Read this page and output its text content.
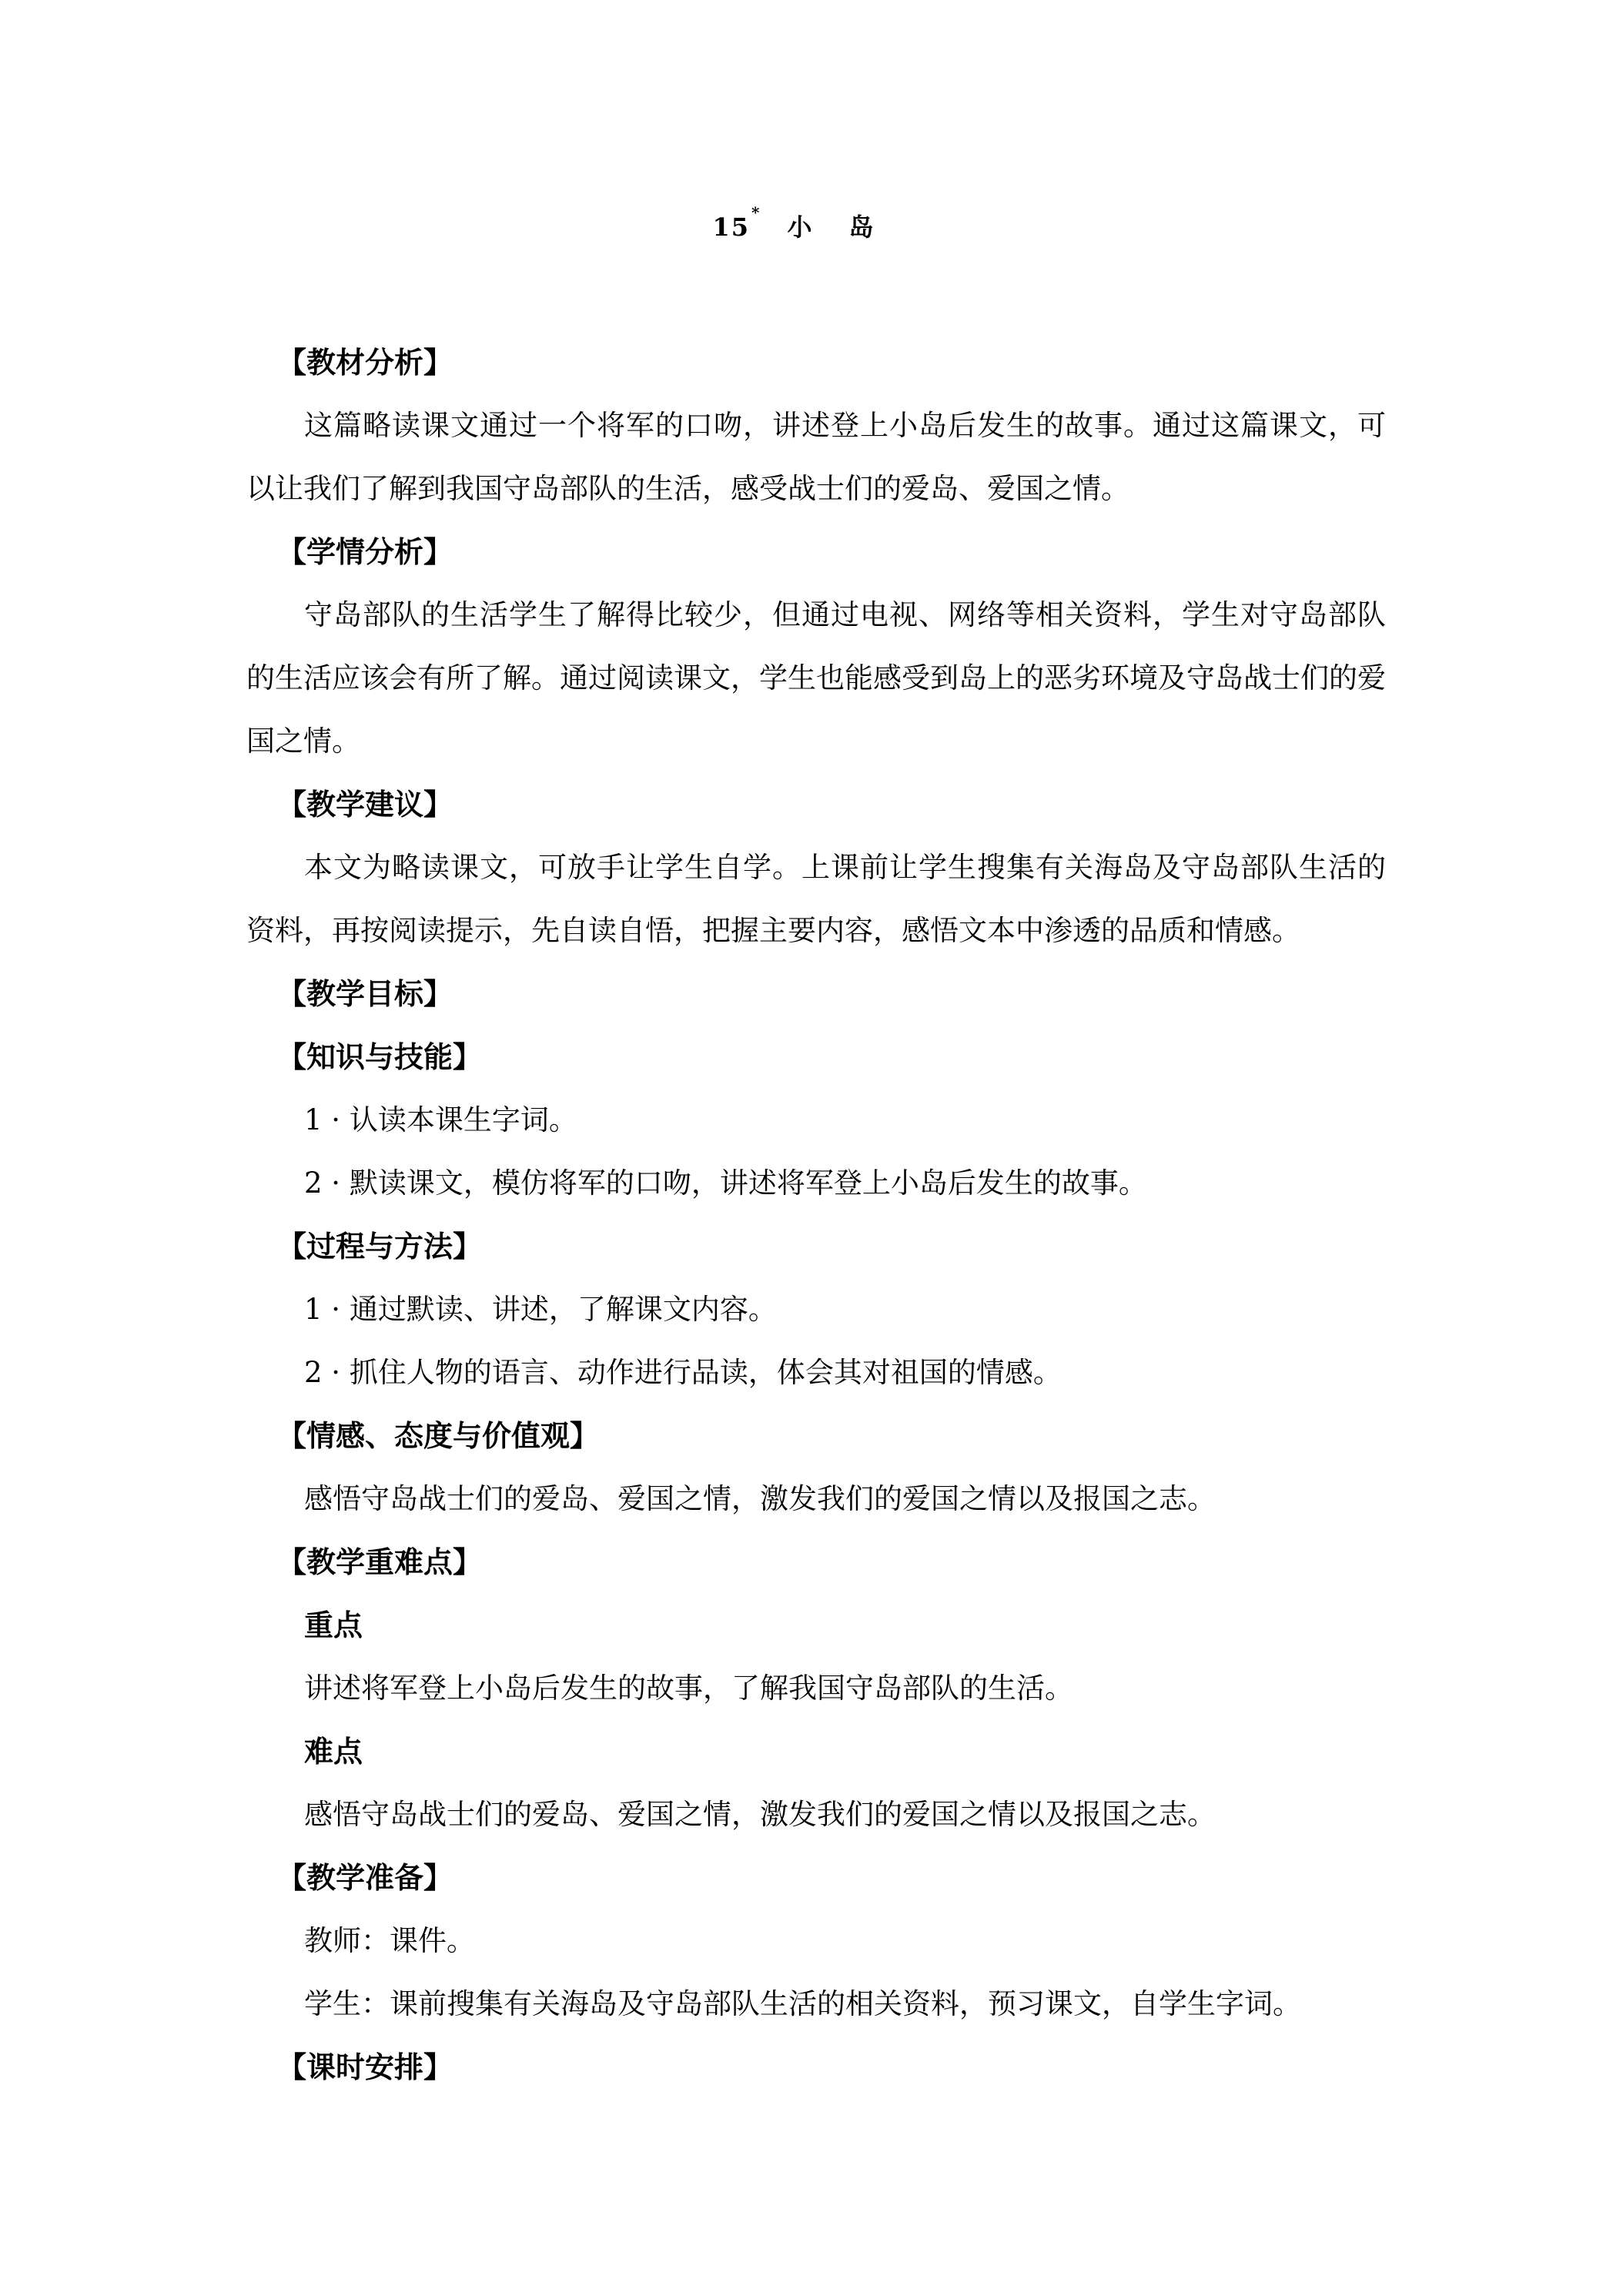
15 * 小岛
【教材分析】
这篇略读课文通过一个将军的口吻，讲述登上小岛后发生的故事。通过这篇课文，可以让我们了解到我国守岛部队的生活，感受战士们的爱岛、爱国之情。
【学情分析】
守岛部队的生活学生了解得比较少，但通过电视、网络等相关资料，学生对守岛部队的生活应该会有所了解。通过阅读课文，学生也能感受到岛上的恶劣环境及守岛战士们的爱国之情。
【教学建议】
本文为略读课文，可放手让学生自学。上课前让学生搜集有关海岛及守岛部队生活的资料，再按阅读提示，先自读自悟，把握主要内容，感悟文本中渗透的品质和情感。
【教学目标】
【知识与技能】
1 · 认读本课生字词。
2 · 默读课文，模仿将军的口吻，讲述将军登上小岛后发生的故事。
【过程与方法】
1 · 通过默读、讲述，了解课文内容。
2 · 抓住人物的语言、动作进行品读，体会其对祖国的情感。
【情感、态度与价值观】
感悟守岛战士们的爱岛、爱国之情，激发我们的爱国之情以及报国之志。
【教学重难点】
重点
讲述将军登上小岛后发生的故事，了解我国守岛部队的生活。
难点
感悟守岛战士们的爱岛、爱国之情，激发我们的爱国之情以及报国之志。
【教学准备】
教师：课件。
学生：课前搜集有关海岛及守岛部队生活的相关资料，预习课文，自学生字词。
【课时安排】
